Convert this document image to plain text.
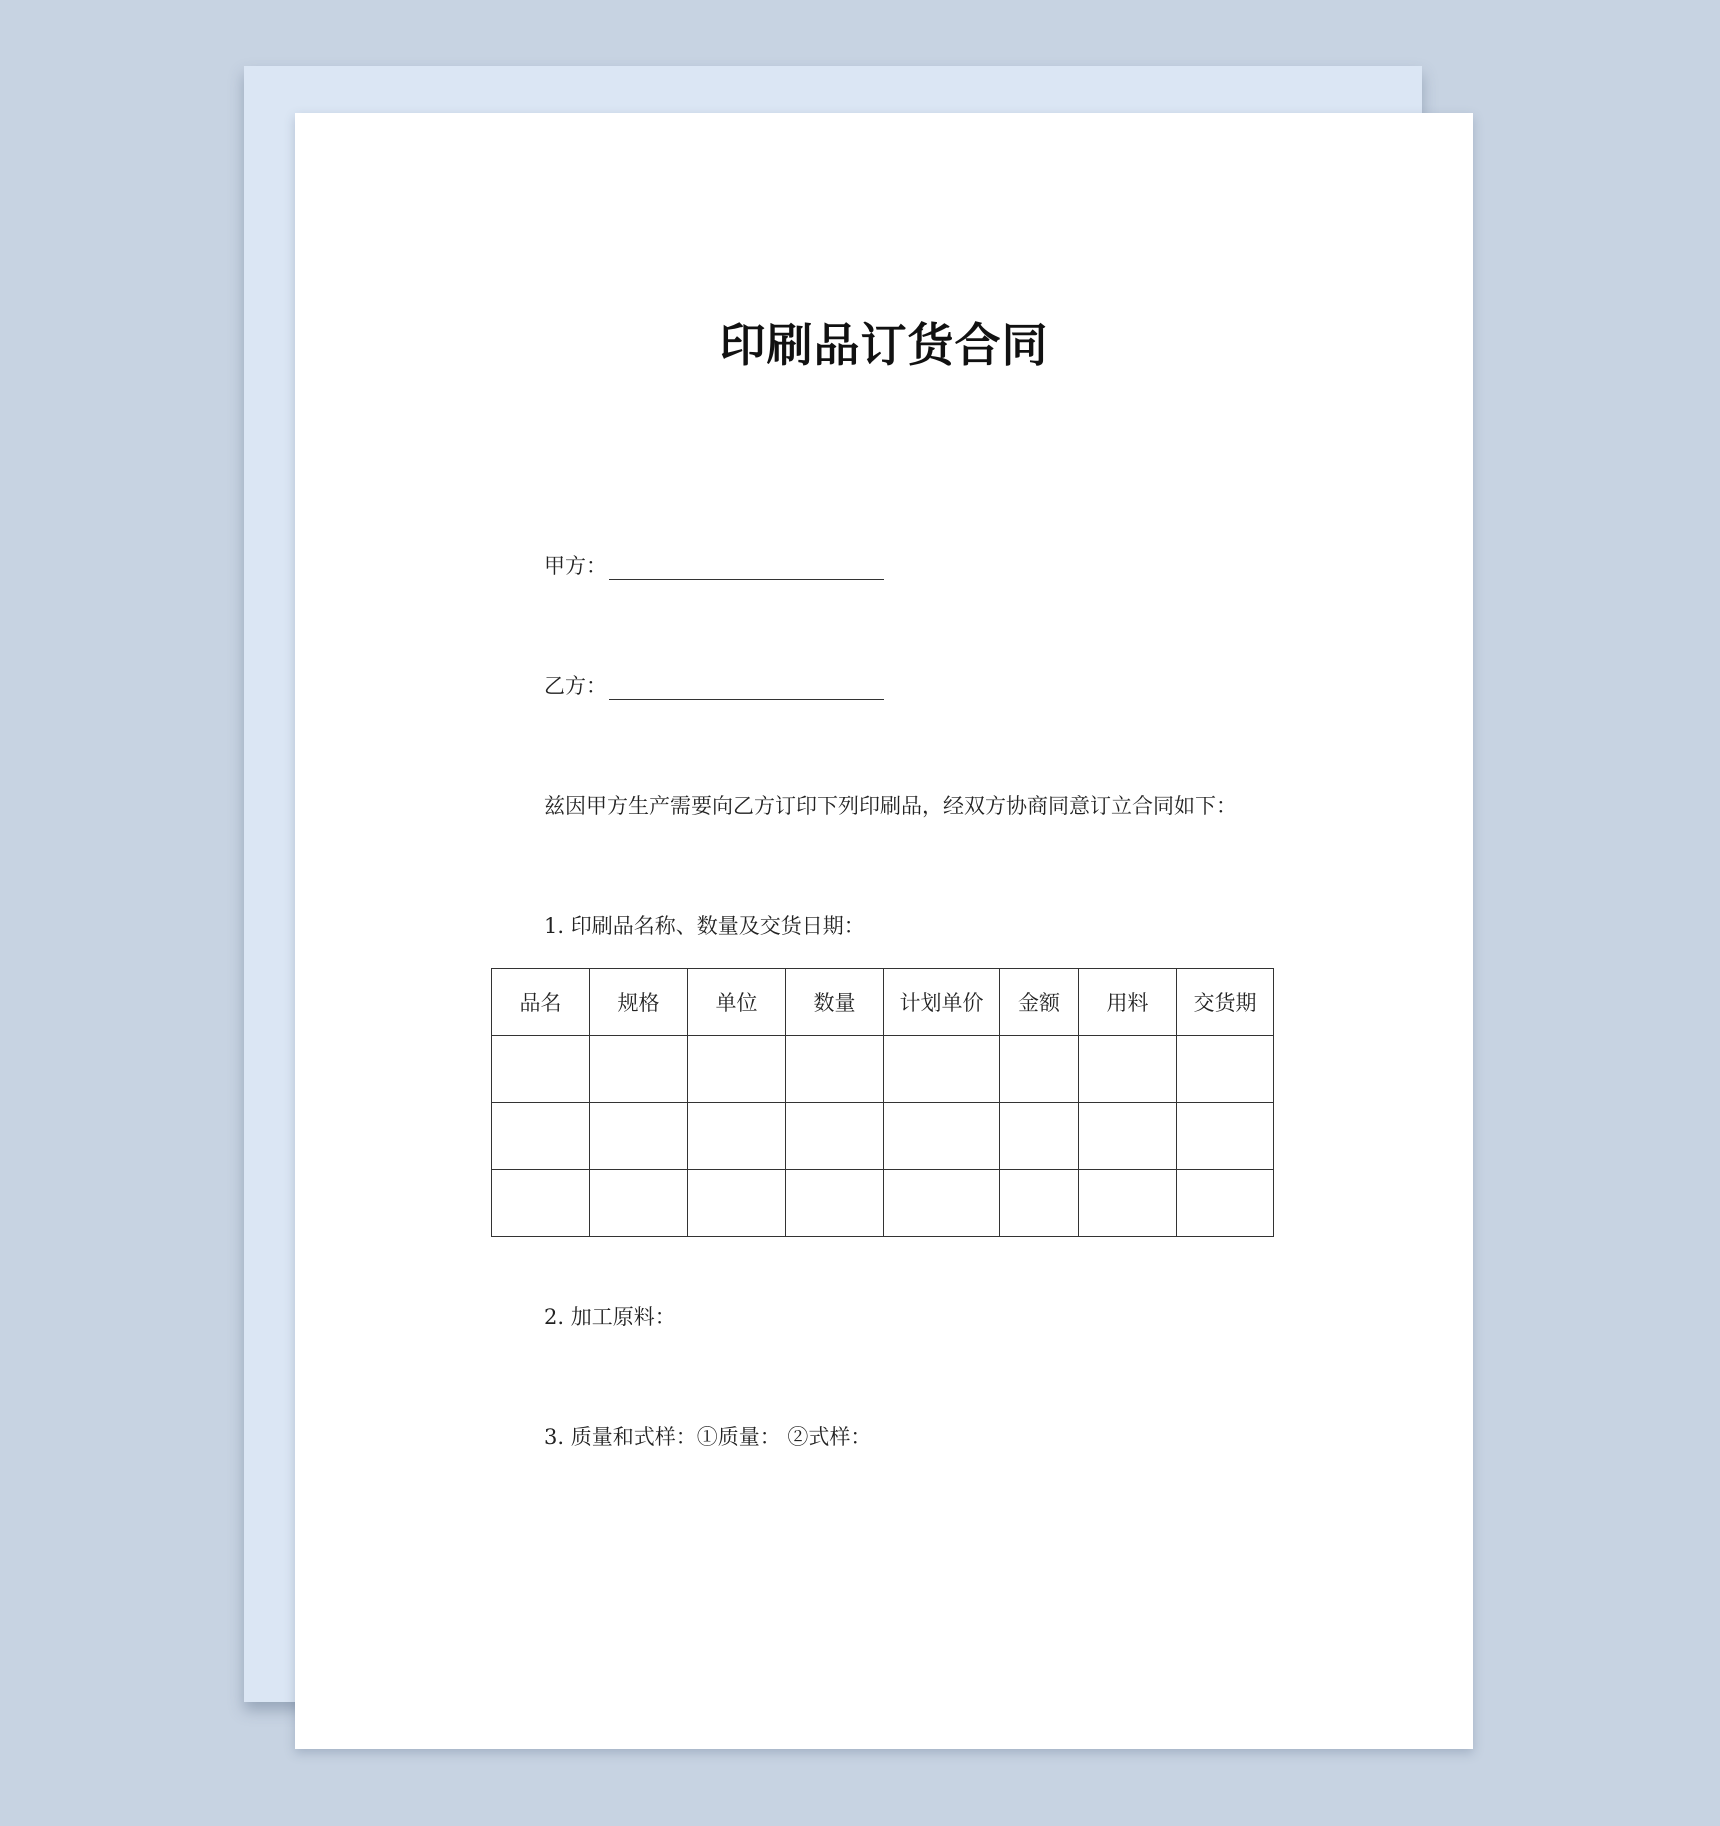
印刷品订货合同
甲方：
乙方：
兹因甲方生产需要向乙方订印下列印刷品，经双方协商同意订立合同如下：
1. 印刷品名称、数量及交货日期：
品名	规格	单位	数量	计划单价	金额	用料	交货期

2. 加工原料：
3. 质量和式样：①质量： ②式样：
